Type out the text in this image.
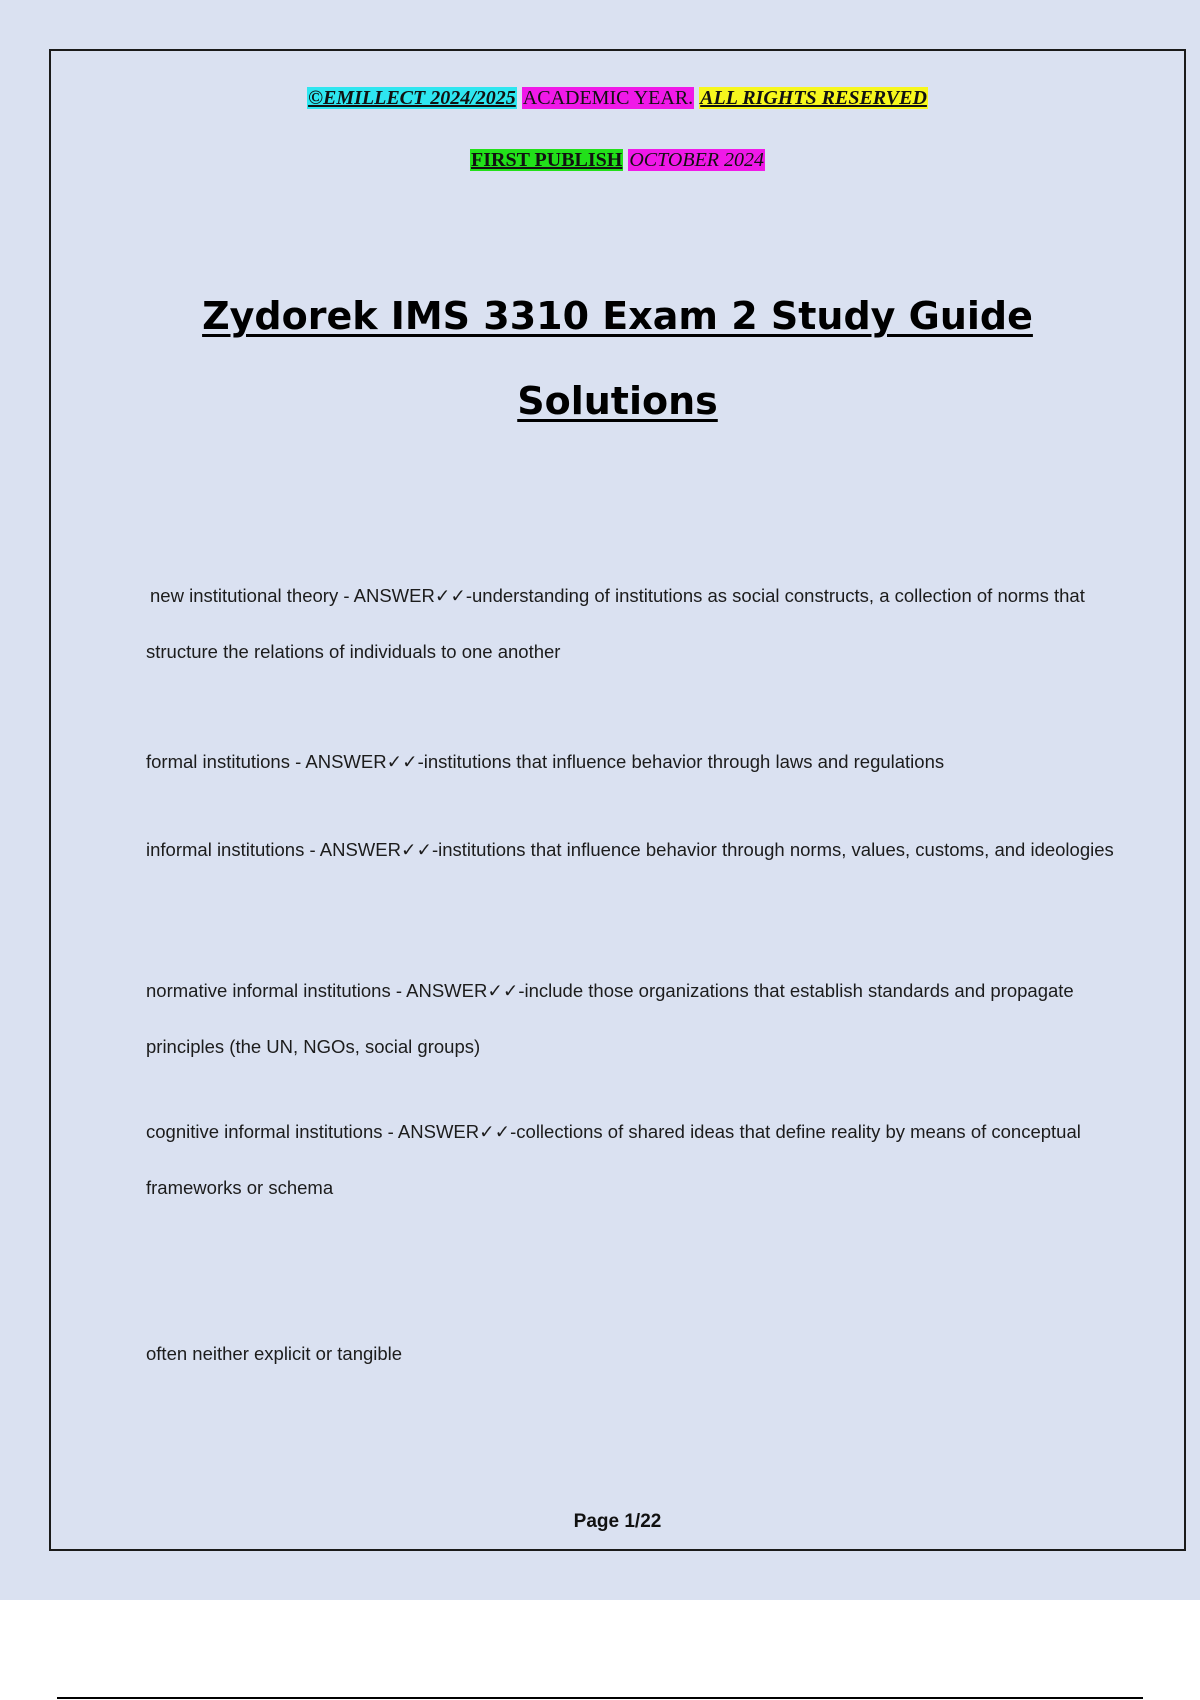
©EMILLECT 2024/2025 ACADEMIC YEAR. ALL RIGHTS RESERVED
FIRST PUBLISH OCTOBER 2024
Zydorek IMS 3310 Exam 2 Study Guide
Solutions
new institutional theory - ANSWER✓✓-understanding of institutions as social constructs, a collection of norms that structure the relations of individuals to one another
formal institutions - ANSWER✓✓-institutions that influence behavior through laws and regulations
informal institutions - ANSWER✓✓-institutions that influence behavior through norms, values, customs, and ideologies
normative informal institutions - ANSWER✓✓-include those organizations that establish standards and propagate principles (the UN, NGOs, social groups)
cognitive informal institutions - ANSWER✓✓-collections of shared ideas that define reality by means of conceptual frameworks or schema
often neither explicit or tangible
Page 1/22
